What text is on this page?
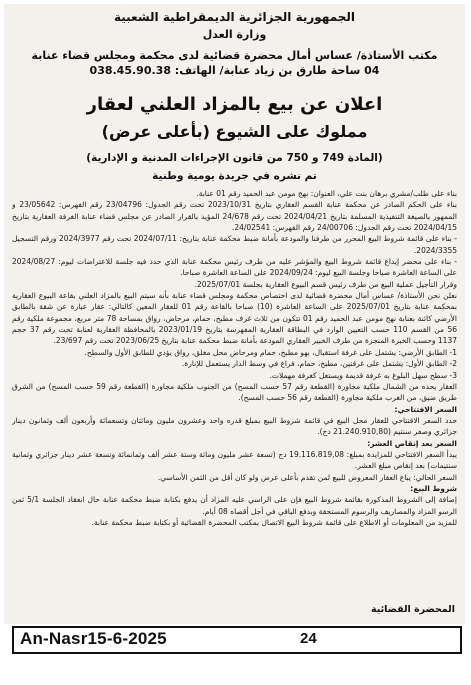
الجمهورية الجزائرية الديمقراطية الشعبية
وزارة العدل
مكتب الأستاذة/ عساس أمال محضرة قضائية لدى محكمة ومجلس قضاء عنابة
04 ساحة طارق بن زياد عنابة/ الهاتف: 038.45.90.38
اعلان عن بيع بالمزاد العلني لعقار
مملوك على الشيوع (بأعلى عرض)
(المادة 749 و 750 من قانون الإجراءات المدنية و الإدارية)
تم نشره في جريدة يومية وطنية

بناء على طلب/مشري برهان بنت علي، العنوان: نهج مومن عبد الحميد رقم 01 عنابة.

بناء على الحكم الصادر عن محكمة عنابة القسم العقاري بتاريخ 2023/10/31 تحت رقم الجدول: 23/04796 رقم الفهرس: 23/05642 و الممهور بالصيغة التنفيذية المسلمة بتاريخ 2024/04/21 تحت رقم 24/678 المؤيد بالقرار الصادر عن مجلس قضاء عنابة الغرفة العقارية بتاريخ 2024/04/15 تحت رقم الجدول: 24/00706 رقم الفهرس: 24/02541.

- بناء على قائمة شروط البيع المحرر من طرفنا والمودعة بأمانة ضبط محكمة عنابة بتاريخ: 2024/07/11 تحت رقم 2024/3977 ورقم التسجيل 2024/3355.

- بناء على محضر إيداع قائمة شروط البيع والمؤشر عليه من طرف رئيس محكمة عنابة الذي حدد فيه جلسة للاعتراضات ليوم: 2024/08/27 على الساعة العاشرة صباحا وجلسة البيع ليوم: 2024/09/24 على الساعة العاشرة صباحا.

وقرار التأجيل عملية البيع من طرف رئيس قسم البيوع العقارية بجلسة 2025/07/01.

نعلن نحن الأستاذة/ عساس أمال محضرة قضائية لدى اختصاص محكمة ومجلس قضاء عنابة بأنه سيتم البيع بالمزاد العلني بقاعة البيوع العقارية بمحكمة عنابة بتاريخ 2025/07/01 على الساعة العاشرة (10) صباحا بالقاعة رقم 01 للعقار المعين كالتالي: عقار عبارة عن شقة بالطابق الأرضي كائنة بعنابة نهج مومن عبد الحميد رقم 01 تتكون من ثلاث غرف مطبخ، حمام، مرحاض، رواق بمساحة 78 متر مربع، مجموعة ملكية رقم 56 من القسم 110 حسب التعيين الوارد في البطاقة العقارية المفهرسة بتاريخ 2023/01/19 بالمحافظة العقارية لعنابة تحت رقم 37 حجم 1137 وحسب الخبرة المنجزة من طرف الخبير العقاري المودعة بأمانة ضبط محكمة عنابة بتاريخ 2023/06/25 تحت رقم 23/697.

1- الطابق الأرضي: يشتمل على غرفة استقبال، بهو مطبخ، حمام ومرحاض محل مغلق، رواق يؤدي للطابق الأول والسطح.

2- الطابق الأول: يشتمل على غرفتين، مطبخ، حمام، فراغ في وسط الدار يستعمل للإنارة.

3- سطح سهل البلوغ به غرفة قديمة ويستغل كغرفة مهملات.

العقار يحده من الشمال ملكية مجاورة (القطعة رقم 57 حسب المسح) من الجنوب ملكية مجاورة (القطعة رقم 59 حسب المسح) من الشرق طريق ضيق، من الغرب ملكية مجاورة (القطعة رقم 56 حسب المسح).

السعر الافتتاحي:

حدد السعر الافتتاحي للعقار محل البيع في قائمة شروط البيع بمبلغ قدره واحد وعشرون مليون ومائتان وتسعمائة وأربعون ألف وثمانون دينار جزائري وصفر سنتيم (21.240.910,80 دج).

السعر بعد إنقاص العشر:

يبدأ السعر الافتتاحي للمزايدة بمبلغ: 19.116.819,08 دج (تسعة عشر مليون ومائة وستة عشر ألف وثمانمائة وتسعة عشر دينار جزائري وثمانية سنتيمات) بعد إنقاص مبلغ العشر.

السعر الحالي: يباع العقار المعروض للبيع لمن تقدم بأعلى عرض ولو كان أقل من الثمن الأساسي.

شروط البيع:

إضافة إلى الشروط المذكورة بقائمة شروط البيع فإن على الراسي عليه المزاد أن يدفع بكتابة ضبط محكمة عنابة حال انعقاد الجلسة 5/1 ثمن الرسو المزاد والمصاريف والرسوم المستحقة وبدفع الباقي في أجل أقصاه 08 أيام.

للمزيد من المعلومات أو الاطلاع على قائمة شروط البيع الاتصال بمكتب المحضرة القضائية أو بكتابة ضبط محكمة عنابة.

المحضرة القضائية
An-Nasr15-6-2025	24
